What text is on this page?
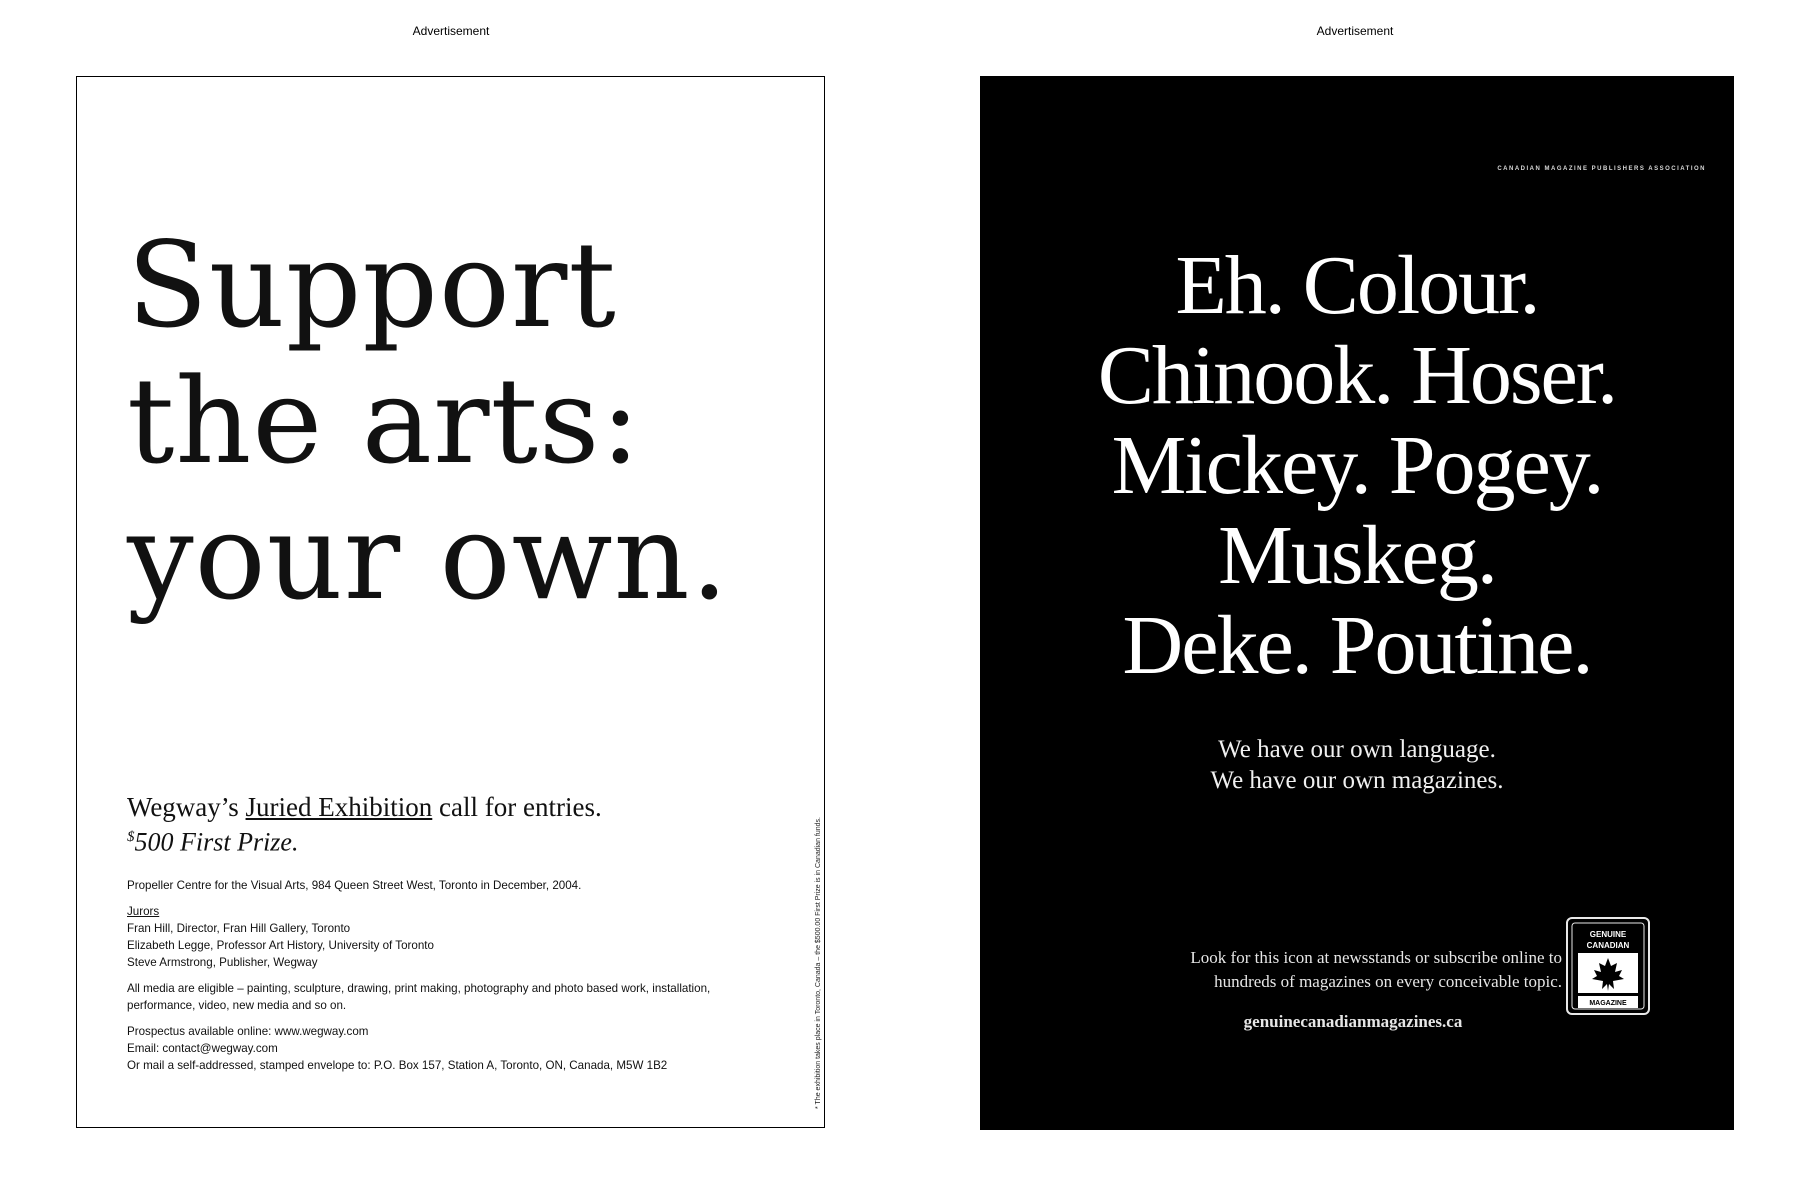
Advertisement	Advertisement
Support
the arts:
your own.
Wegway’s Juried Exhibition call for entries.
$500 First Prize.
Propeller Centre for the Visual Arts, 984 Queen Street West, Toronto in December, 2004.
Jurors
Fran Hill, Director, Fran Hill Gallery, Toronto
Elizabeth Legge, Professor Art History, University of Toronto
Steve Armstrong, Publisher, Wegway
All media are eligible – painting, sculpture, drawing, print making, photography and photo based work, installation,
performance, video, new media and so on.
Prospectus available online: www.wegway.com
Email: contact@wegway.com
Or mail a self-addressed, stamped envelope to: P.O. Box 157, Station A, Toronto, ON, Canada, M5W 1B2	* The exhibition takes place in Toronto, Canada – the $500.00 First Prize is in Canadian funds.
CANADIAN MAGAZINE PUBLISHERS ASSOCIATION
Eh. Colour.
Chinook. Hoser.
Mickey. Pogey.
Muskeg.
Deke. Poutine.
We have our own language.
We have our own magazines.
Look for this icon at newsstands or subscribe online to
hundreds of magazines on every conceivable topic.
genuinecanadianmagazines.ca
GENUINE
CANADIAN
MAGAZINE
